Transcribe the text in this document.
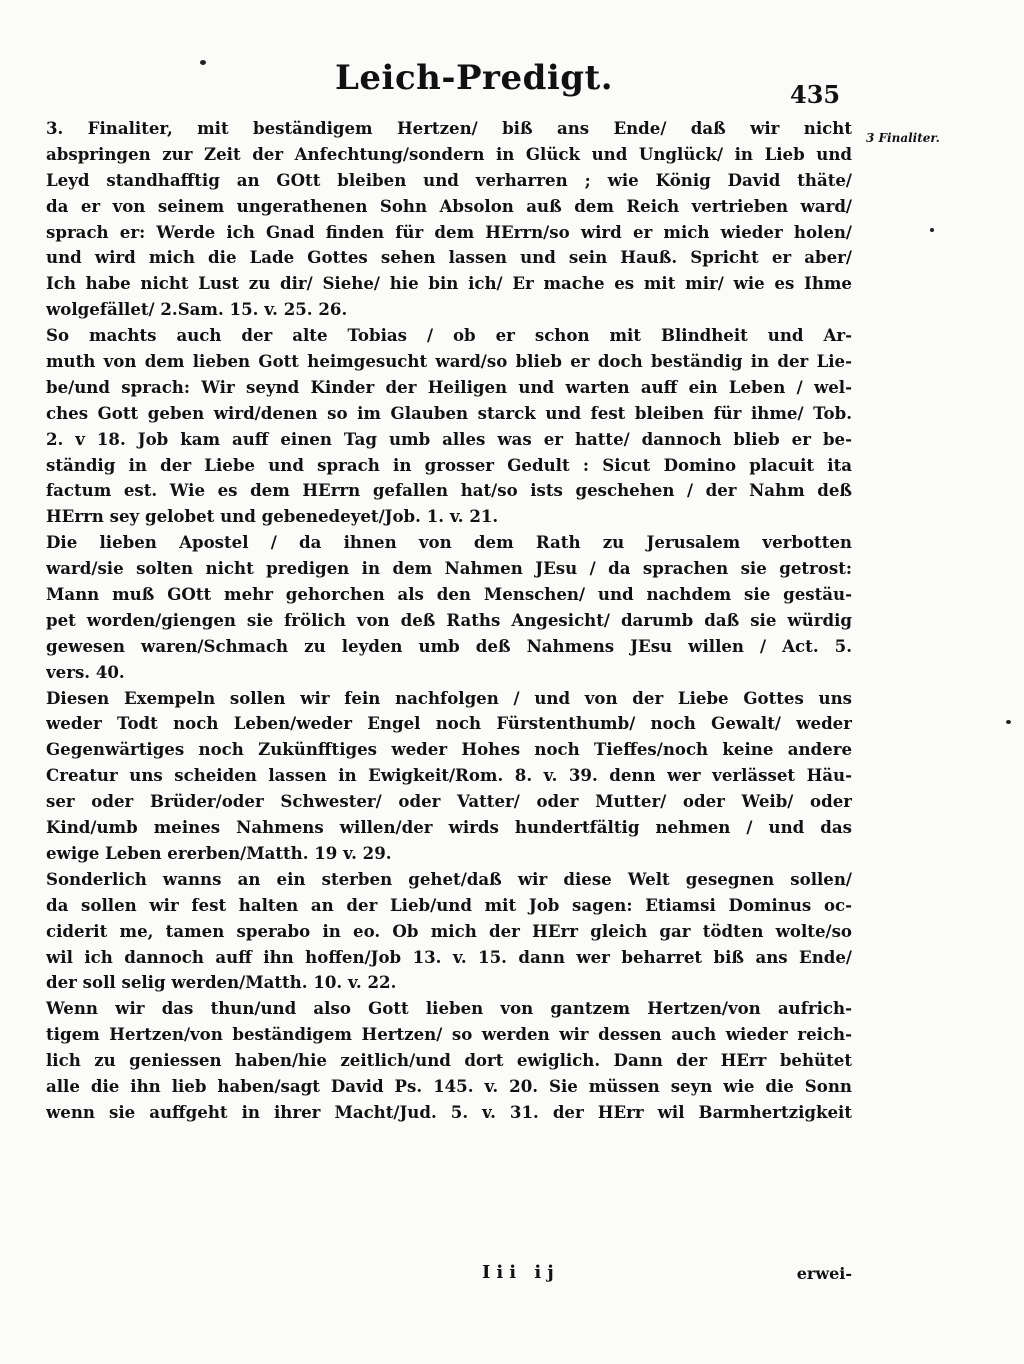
Leich-Predigt.	435
3 Finaliter.
3. Finaliter, mit beständigem Hertzen/ biß ans Ende/ daß wir nicht
abspringen zur Zeit der Anfechtung/sondern in Glück und Unglück/ in Lieb und
Leyd standhafftig an GOtt bleiben und verharren ; wie König David thäte/
da er von seinem ungerathenen Sohn Absolon auß dem Reich vertrieben ward/
sprach er: Werde ich Gnad finden für dem HErrn/so wird er mich wieder holen/
und wird mich die Lade Gottes sehen lassen und sein Hauß. Spricht er aber/
Ich habe nicht Lust zu dir/ Siehe/ hie bin ich/ Er mache es mit mir/ wie es Ihme
wolgefället/ 2.Sam. 15. v. 25. 26.
So machts auch der alte Tobias / ob er schon mit Blindheit und Ar-
muth von dem lieben Gott heimgesucht ward/so blieb er doch beständig in der Lie-
be/und sprach: Wir seynd Kinder der Heiligen und warten auff ein Leben / wel-
ches Gott geben wird/denen so im Glauben starck und fest bleiben für ihme/ Tob.
2. v 18. Job kam auff einen Tag umb alles was er hatte/ dannoch blieb er be-
ständig in der Liebe und sprach in grosser Gedult : Sicut Domino placuit ita
factum est. Wie es dem HErrn gefallen hat/so ists geschehen / der Nahm deß
HErrn sey gelobet und gebenedeyet/Job. 1. v. 21.
Die lieben Apostel / da ihnen von dem Rath zu Jerusalem verbotten
ward/sie solten nicht predigen in dem Nahmen JEsu / da sprachen sie getrost:
Mann muß GOtt mehr gehorchen als den Menschen/ und nachdem sie gestäu-
pet worden/giengen sie frölich von deß Raths Angesicht/ darumb daß sie würdig
gewesen waren/Schmach zu leyden umb deß Nahmens JEsu willen / Act. 5.
vers. 40.
Diesen Exempeln sollen wir fein nachfolgen / und von der Liebe Gottes uns
weder Todt noch Leben/weder Engel noch Fürstenthumb/ noch Gewalt/ weder
Gegenwärtiges noch Zukünfftiges weder Hohes noch Tieffes/noch keine andere
Creatur uns scheiden lassen in Ewigkeit/Rom. 8. v. 39. denn wer verlässet Häu-
ser oder Brüder/oder Schwester/ oder Vatter/ oder Mutter/ oder Weib/ oder
Kind/umb meines Nahmens willen/der wirds hundertfältig nehmen / und das
ewige Leben ererben/Matth. 19 v. 29.
Sonderlich wanns an ein sterben gehet/daß wir diese Welt gesegnen sollen/
da sollen wir fest halten an der Lieb/und mit Job sagen: Etiamsi Dominus oc-
ciderit me, tamen sperabo in eo. Ob mich der HErr gleich gar tödten wolte/so
wil ich dannoch auff ihn hoffen/Job 13. v. 15. dann wer beharret biß ans Ende/
der soll selig werden/Matth. 10. v. 22.
Wenn wir das thun/und also Gott lieben von gantzem Hertzen/von aufrich-
tigem Hertzen/von beständigem Hertzen/ so werden wir dessen auch wieder reich-
lich zu geniessen haben/hie zeitlich/und dort ewiglich. Dann der HErr behütet
alle die ihn lieb haben/sagt David Ps. 145. v. 20. Sie müssen seyn wie die Sonn
wenn sie auffgeht in ihrer Macht/Jud. 5. v. 31. der HErr wil Barmhertzigkeit
Iii ij	erwei-
